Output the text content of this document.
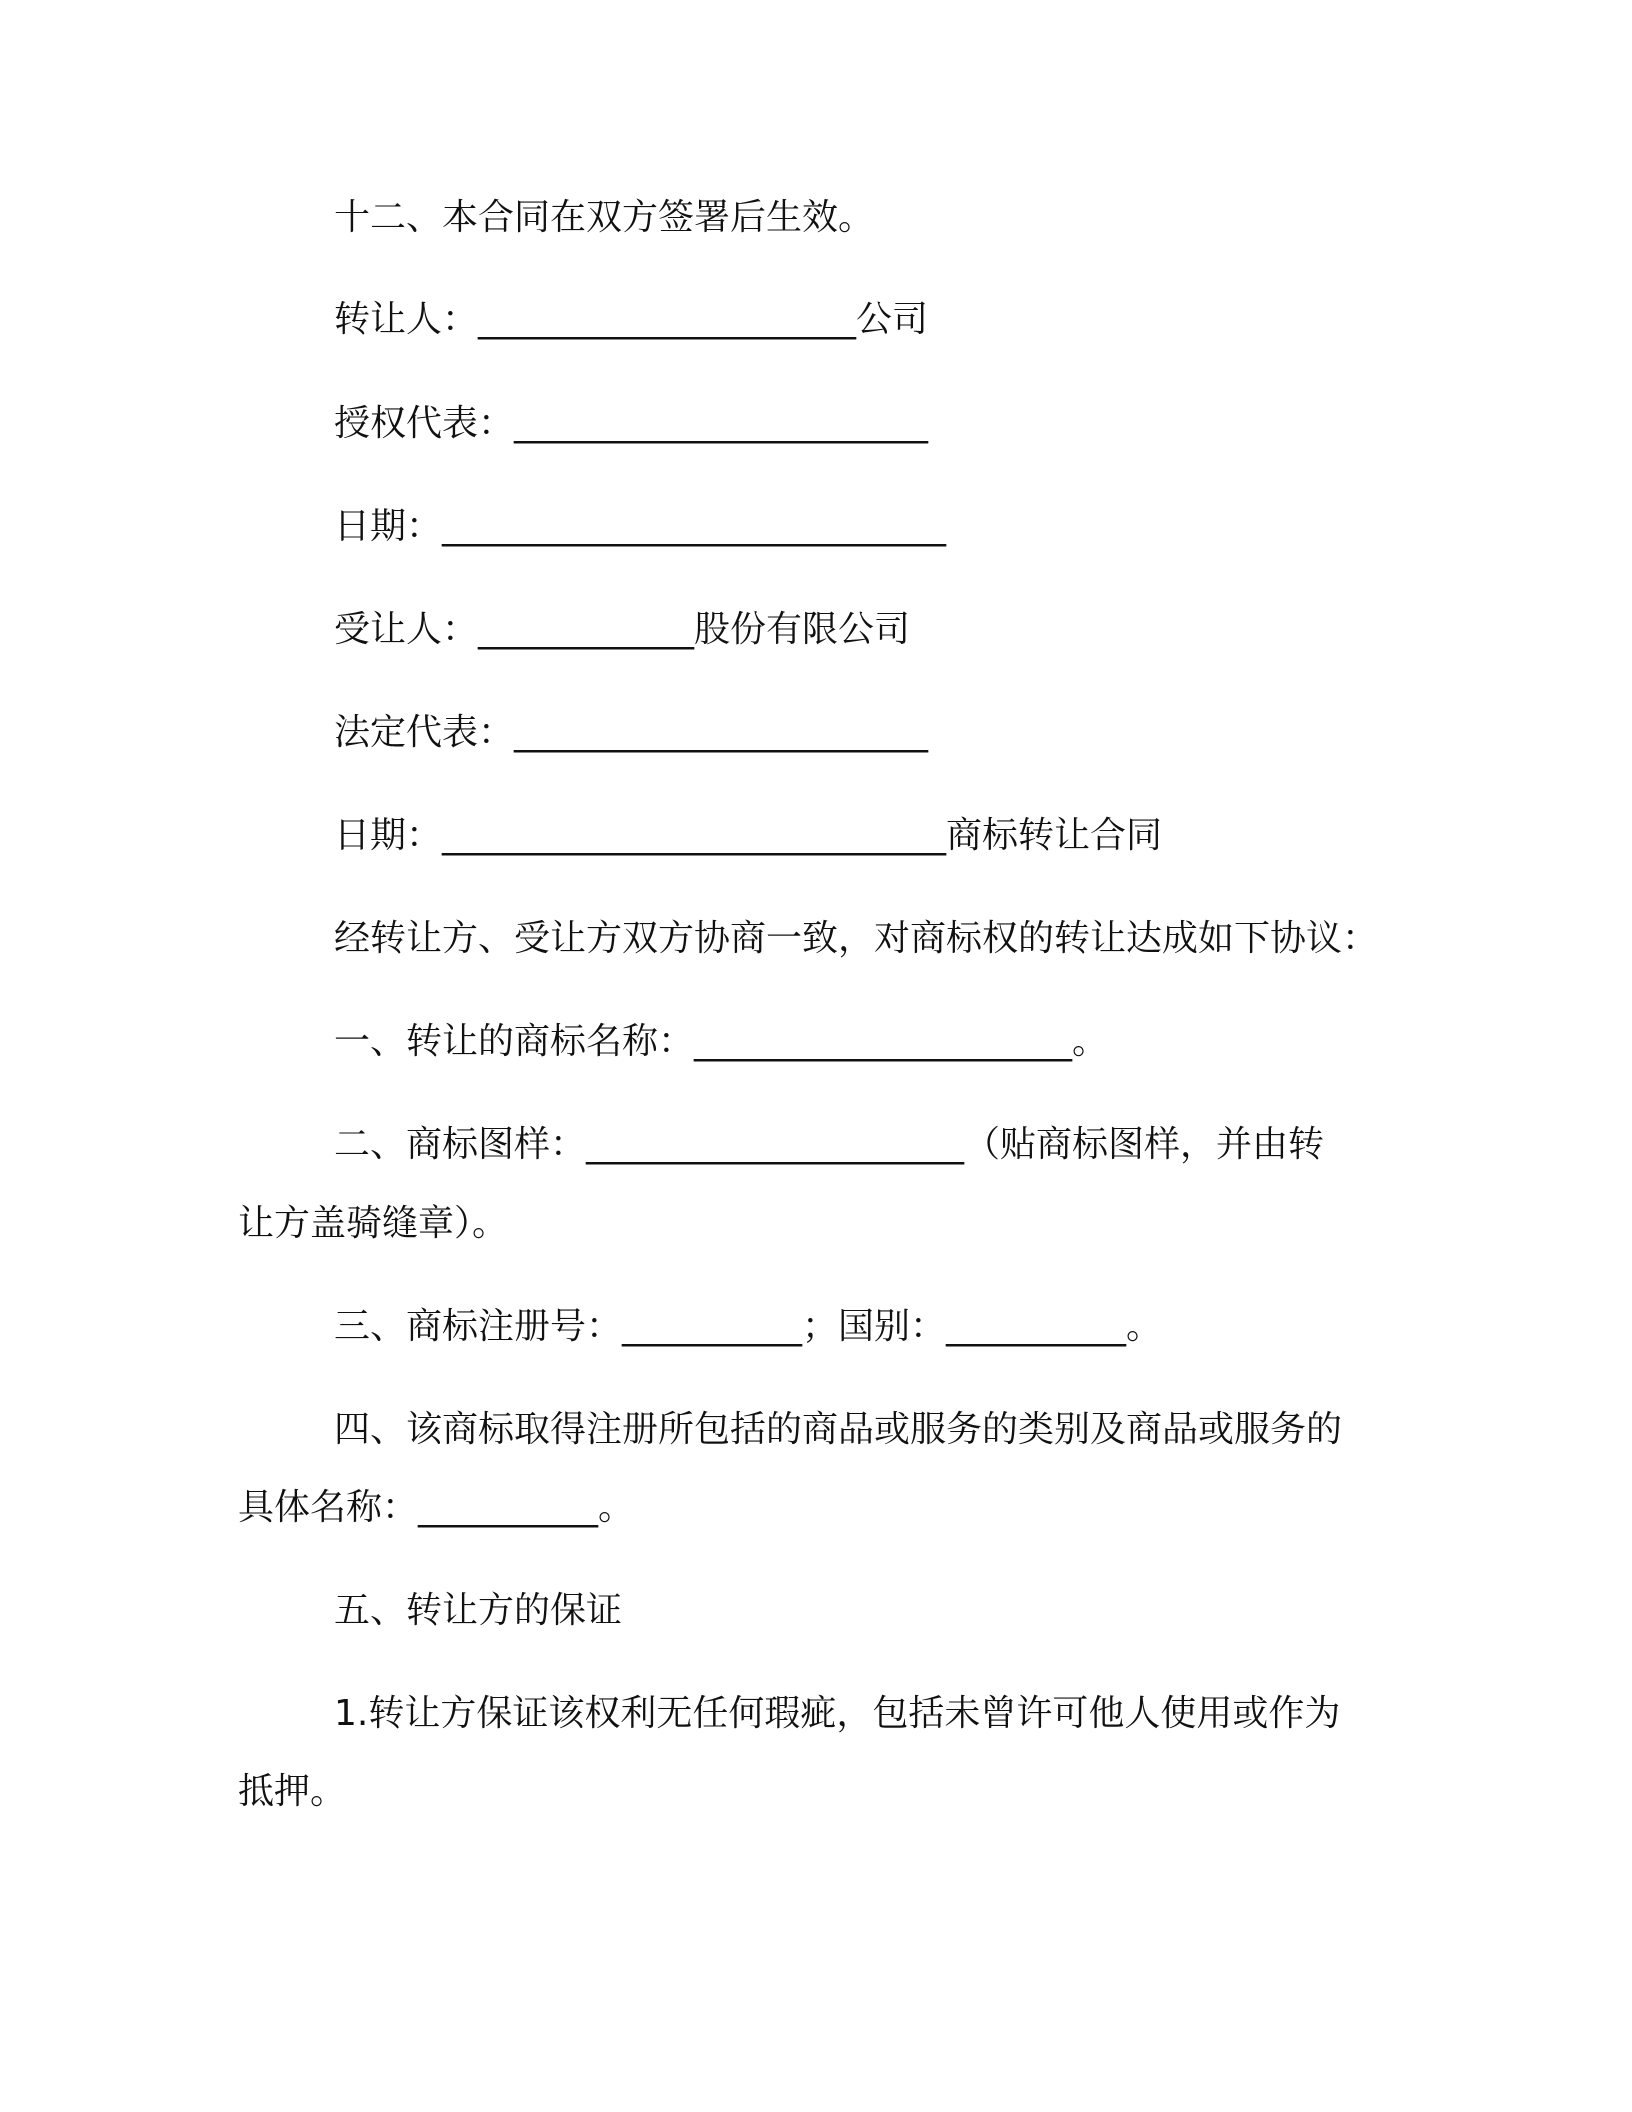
十二、本合同在双方签署后生效。
转让人：_____________________公司
授权代表：_______________________
日期：____________________________
受让人：____________股份有限公司
法定代表：_______________________
日期：____________________________商标转让合同
经转让方、受让方双方协商一致，对商标权的转让达成如下协议：
一、转让的商标名称：_____________________。
二、商标图样：_____________________（贴商标图样，并由转
让方盖骑缝章）。
三、商标注册号：__________；国别：__________。
四、该商标取得注册所包括的商品或服务的类别及商品或服务的
具体名称：__________。
五、转让方的保证
1.转让方保证该权利无任何瑕疵，包括未曾许可他人使用或作为
抵押。
